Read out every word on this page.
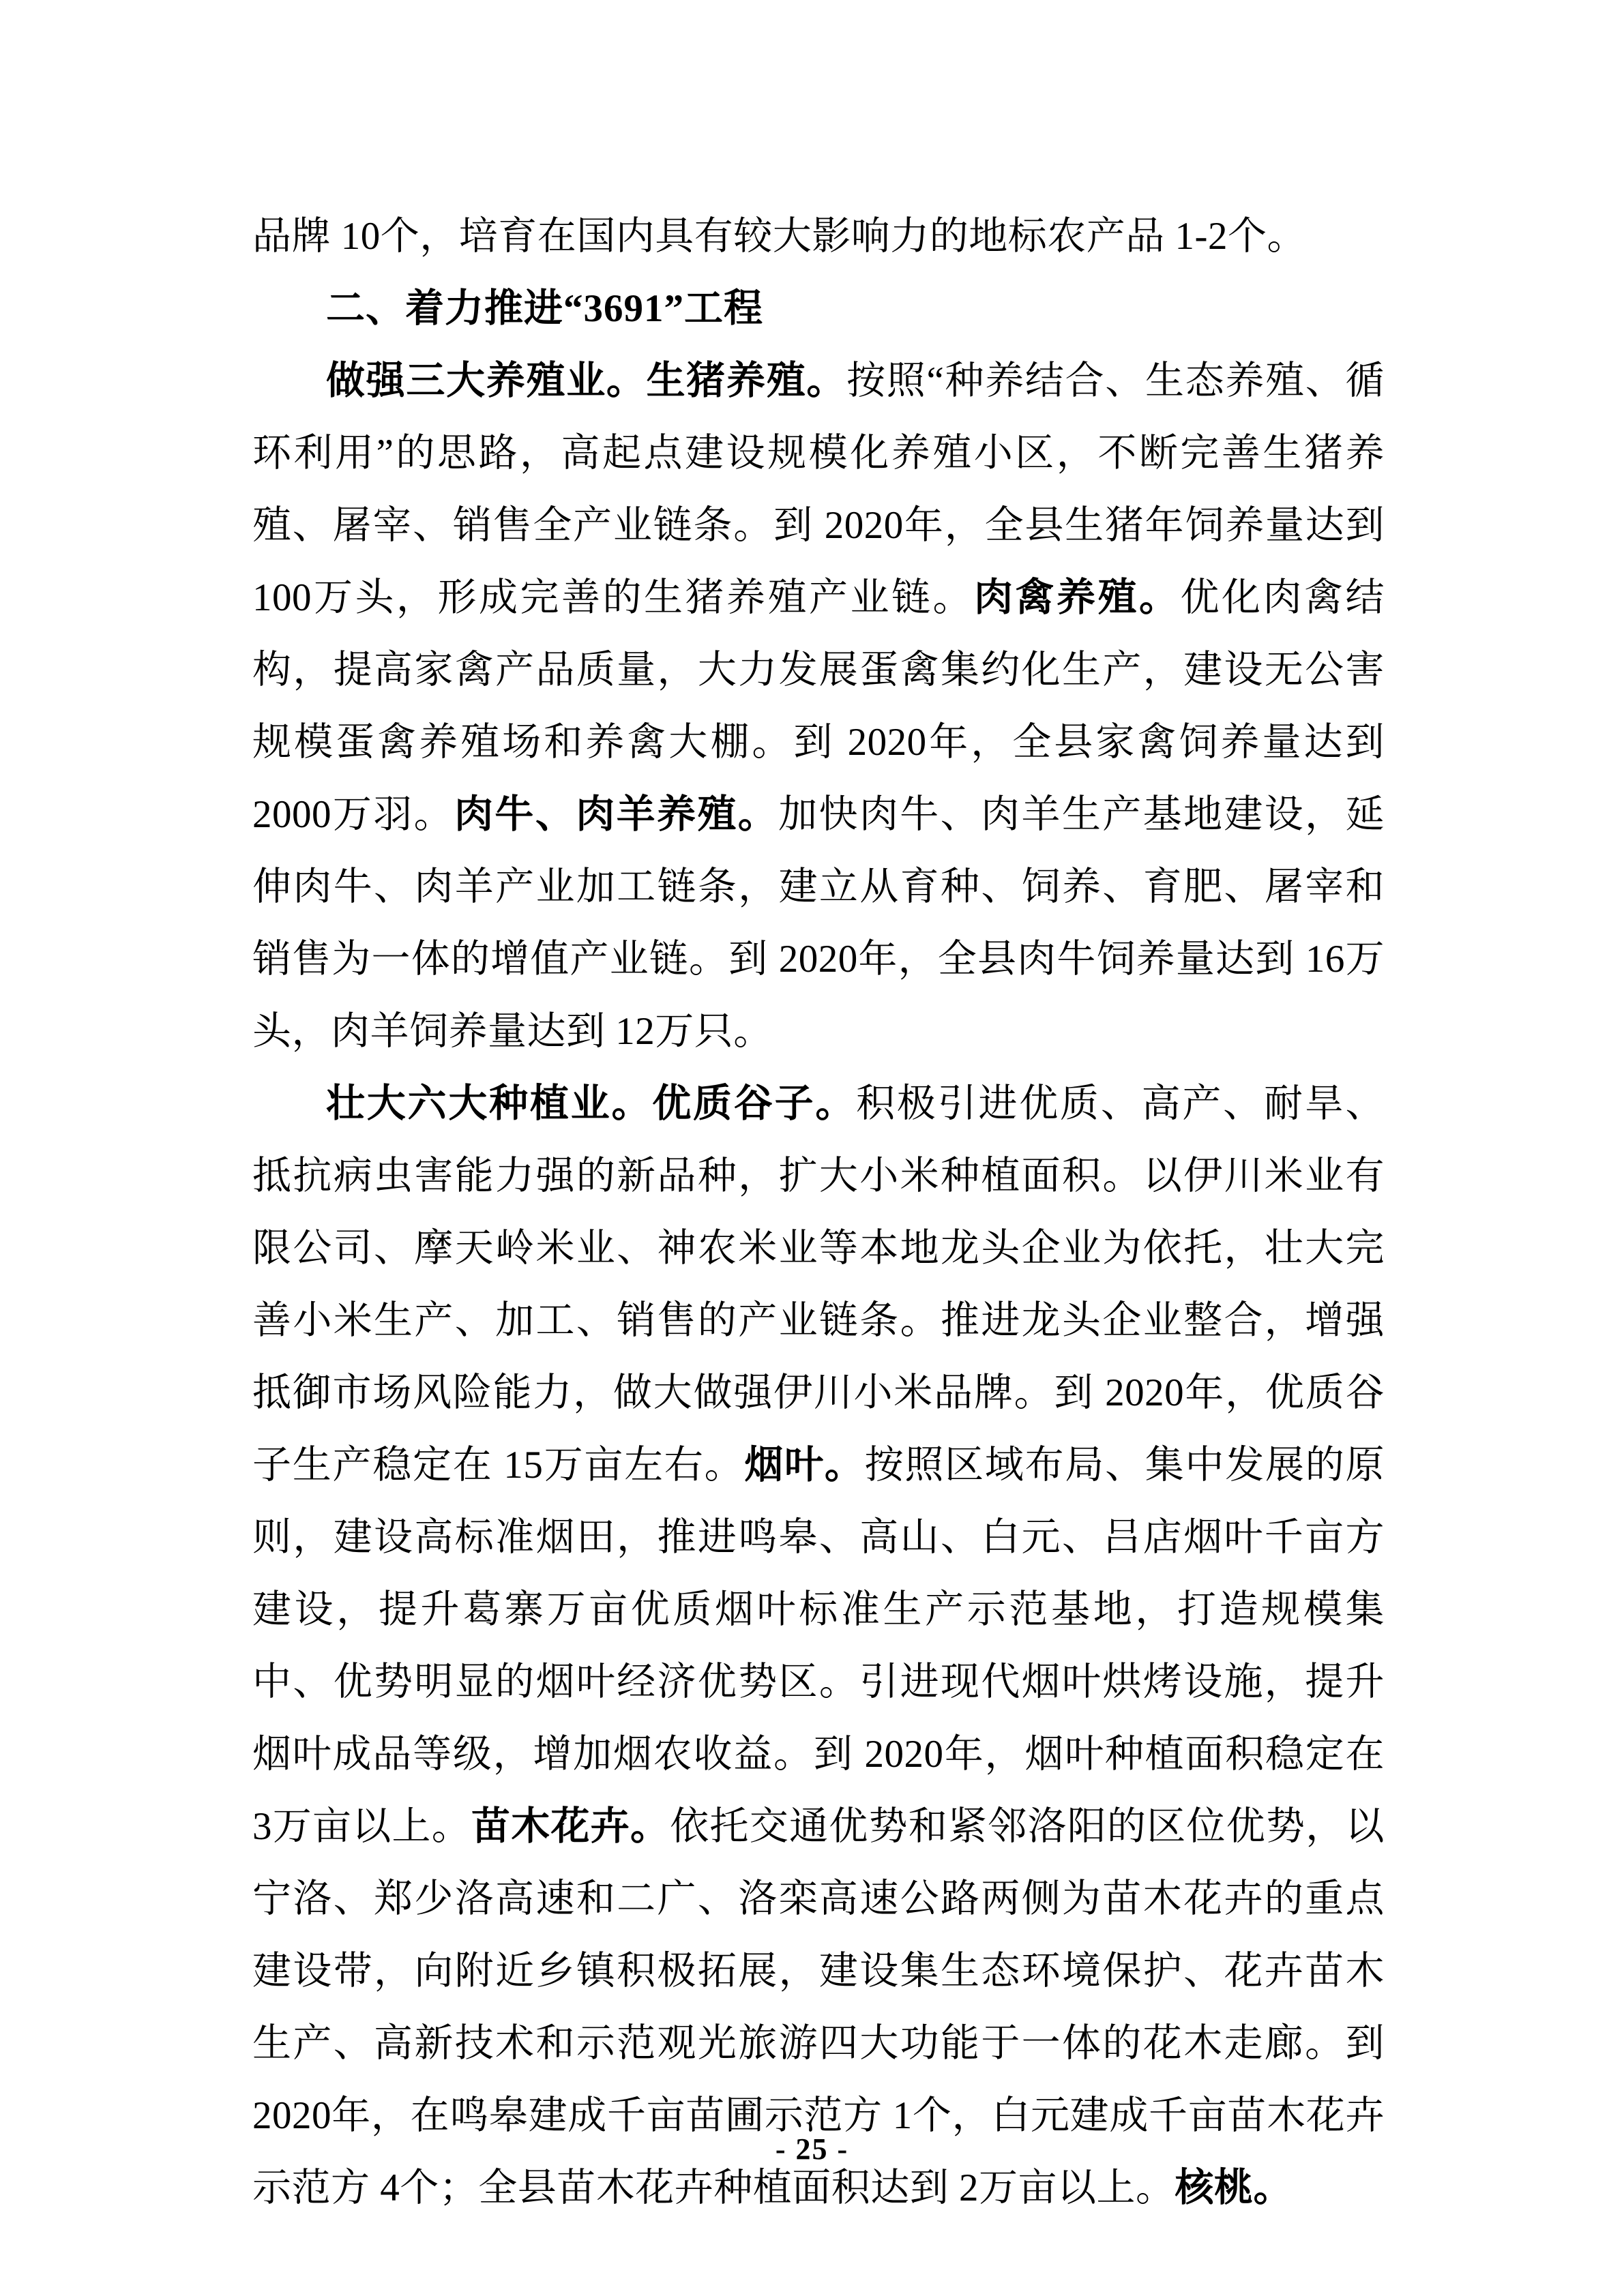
品牌 10个，培育在国内具有较大影响力的地标农产品 1-2个。

二、着力推进“3691”工程

做强三大养殖业。生猪养殖。按照“种养结合、生态养殖、循环利用”的思路，高起点建设规模化养殖小区，不断完善生猪养殖、屠宰、销售全产业链条。到 2020年，全县生猪年饲养量达到 100万头，形成完善的生猪养殖产业链。肉禽养殖。优化肉禽结构，提高家禽产品质量，大力发展蛋禽集约化生产，建设无公害规模蛋禽养殖场和养禽大棚。到 2020年，全县家禽饲养量达到 2000万羽。肉牛、肉羊养殖。加快肉牛、肉羊生产基地建设，延伸肉牛、肉羊产业加工链条，建立从育种、饲养、育肥、屠宰和销售为一体的增值产业链。到 2020年，全县肉牛饲养量达到 16万头，肉羊饲养量达到 12万只。

壮大六大种植业。优质谷子。积极引进优质、高产、耐旱、抵抗病虫害能力强的新品种，扩大小米种植面积。以伊川米业有限公司、摩天岭米业、神农米业等本地龙头企业为依托，壮大完善小米生产、加工、销售的产业链条。推进龙头企业整合，增强抵御市场风险能力，做大做强伊川小米品牌。到 2020年，优质谷子生产稳定在 15万亩左右。烟叶。按照区域布局、集中发展的原则，建设高标准烟田，推进鸣皋、高山、白元、吕店烟叶千亩方建设，提升葛寨万亩优质烟叶标准生产示范基地，打造规模集中、优势明显的烟叶经济优势区。引进现代烟叶烘烤设施，提升烟叶成品等级，增加烟农收益。到 2020年，烟叶种植面积稳定在 3万亩以上。苗木花卉。依托交通优势和紧邻洛阳的区位优势，以宁洛、郑少洛高速和二广、洛栾高速公路两侧为苗木花卉的重点建设带，向附近乡镇积极拓展，建设集生态环境保护、花卉苗木生产、高新技术和示范观光旅游四大功能于一体的花木走廊。到 2020年，在鸣皋建成千亩苗圃示范方 1个，白元建成千亩苗木花卉示范方 4个；全县苗木花卉种植面积达到 2万亩以上。核桃。

- 25 -
